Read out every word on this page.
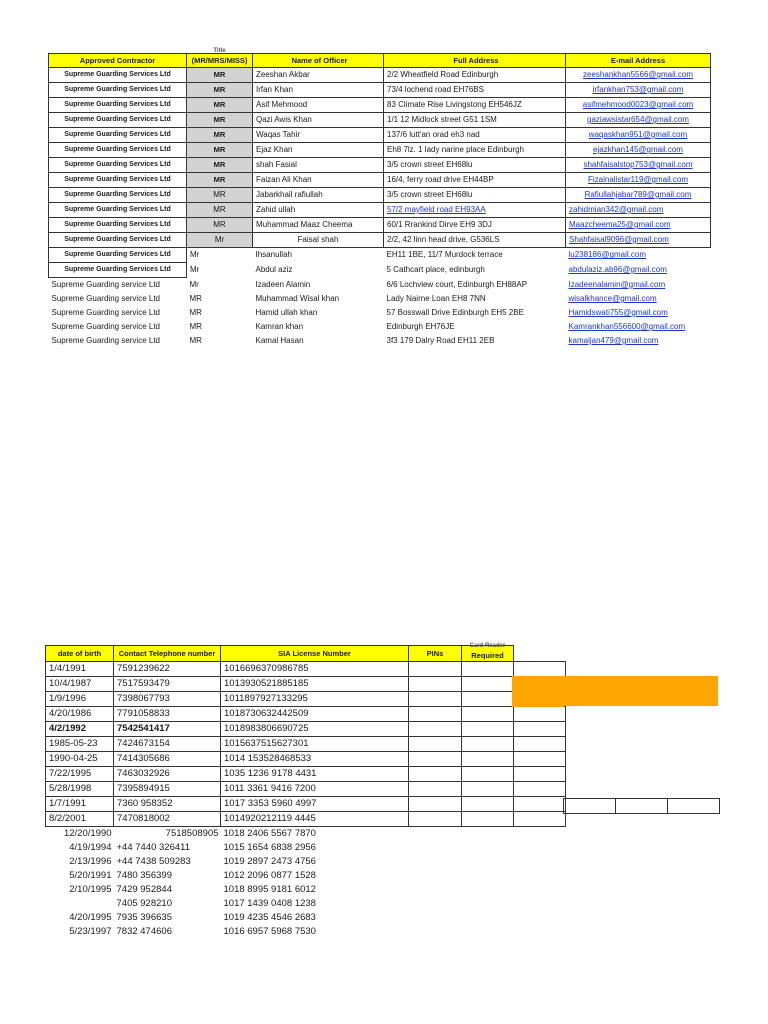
Approved Contractor	Title
(MR/MRS/MISS)	Name of Officer	Full Address	E-mail Address
Supreme Guarding Services Ltd	MR	Zeeshan Akbar	2/2 Wheatfield Road Edinburgh	zeeshankhan5566@gmail.com
Supreme Guarding Services Ltd	MR	Irfan Khan	73/4 lochend road EH76BS	irfankhan753@gmail.com
Supreme Guarding Services Ltd	MR	Asif Mehmood	83 Climate Rise Livingstong EH546JZ	asifmehmood0023@gmail.com
Supreme Guarding Services Ltd	MR	Qazi Awis Khan	1/1 12 Midlock street G51 1SM	gaziawsistar654@gmail.com
Supreme Guarding Services Ltd	MR	Waqas Tahir	137/6 lutt'an orad eh3 nad	waqaskhan951@gmail.com
Supreme Guarding Services Ltd	MR	Ejaz Khan	Eh8 7lz. 1 lady narine place Edinburgh	ejazkhan145@gmail.com
Supreme Guarding Services Ltd	MR	shah Fasial	3/5 crown street EH68lu	shahfaisalstop753@gmail.com
Supreme Guarding Services Ltd	MR	Faizan Ali Khan	16/4, ferry road drive EH44BP	Fizainalistar119@gmail.com
Supreme Guarding Services Ltd	MR	Jabarkhail rafiullah	3/5 crown street EH68lu	Rafiullahjabar789@gmail.com
Supreme Guarding Services Ltd	MR	Zahid ullah	57/2 mayfield road EH93AA	zahidmian342@gmail.com
Supreme Guarding Services Ltd	MR	Muhammad Maaz Cheema	60/1 Rrankind Dirve EH9 3DJ	Maazcheema25@gmail.com
Supreme Guarding Services Ltd	Mr	Faisal shah	2/2, 42 linn head drive, G536LS	Shahfaisal9096@gmail.com
Supreme Guarding Services Ltd	Mr	Ihsanullah	EH11 1BE, 11/7 Murdock terrace	lu238186@gmail.com
Supreme Guarding Services Ltd	Mr	Abdul aziz	5 Cathcart place, edinburgh	abdulaziz.ab96@gmail.com
Supreme Guarding service Ltd	Mr	Izadeen Alamin	6/6 Lochview court, Edinburgh EH88AP	Izadeenalamin@gmail.com
Supreme Guarding service Ltd	MR	Muhammad Wisal khan	Lady Nairne Loan EH8 7NN	wisalkhance@gmail.com
Supreme Guarding service Ltd	MR	Hamid ullah khan	57 Bosswall Drive Edinburgh EH5 2BE	Hamidswati755@gmail.com
Supreme Guarding service Ltd	MR	Kamran khan	Edinburgh EH76JE	Kamrankhan556600@gmail.com
Supreme Guarding service Ltd	MR	Kamal Hasan	3f3 179 Dalry Road EH11 2EB	kamaljan479@gmail.com
date of birth	Contact Telephone number	SIA License Number	PINs	Card Reader
Required	

1/4/1991	7591239622	1016696370986785			
10/4/1987	7517593479	1013930521885185			
1/9/1996	7398067793	1011897927133295			
4/20/1986	7791058833	1018730632442509			
4/2/1992	7542541417	1018983806690725			
1985-05-23	7424673154	1015637515627301			
1990-04-25	7414305686	1014 153528468533			
7/22/1995	7463032926	1035 1236 9178 4431			
5/28/1998	7395894915	1011 3361 9416 7200			
1/7/1991	7360 958352	1017 3353 5960 4997			
8/2/2001	7470818002	1014920212119 4445			
12/20/1990	7518508905	1018 2406 5567 7870			
4/19/1994	+44 7440 326411	1015 1654 6838 2956			
2/13/1996	+44 7438 509283	1019 2897 2473 4756			
5/20/1991	7480 356399	1012 2096 0877 1528			
2/10/1995	7429 952844	1018 8995 9181 6012			
	7405 928210	1017 1439 0408 1238			
4/20/1995	7935 396635	1019 4235 4546 2683			
5/23/1997	7832 474606	1016 6957 5968 7530			
